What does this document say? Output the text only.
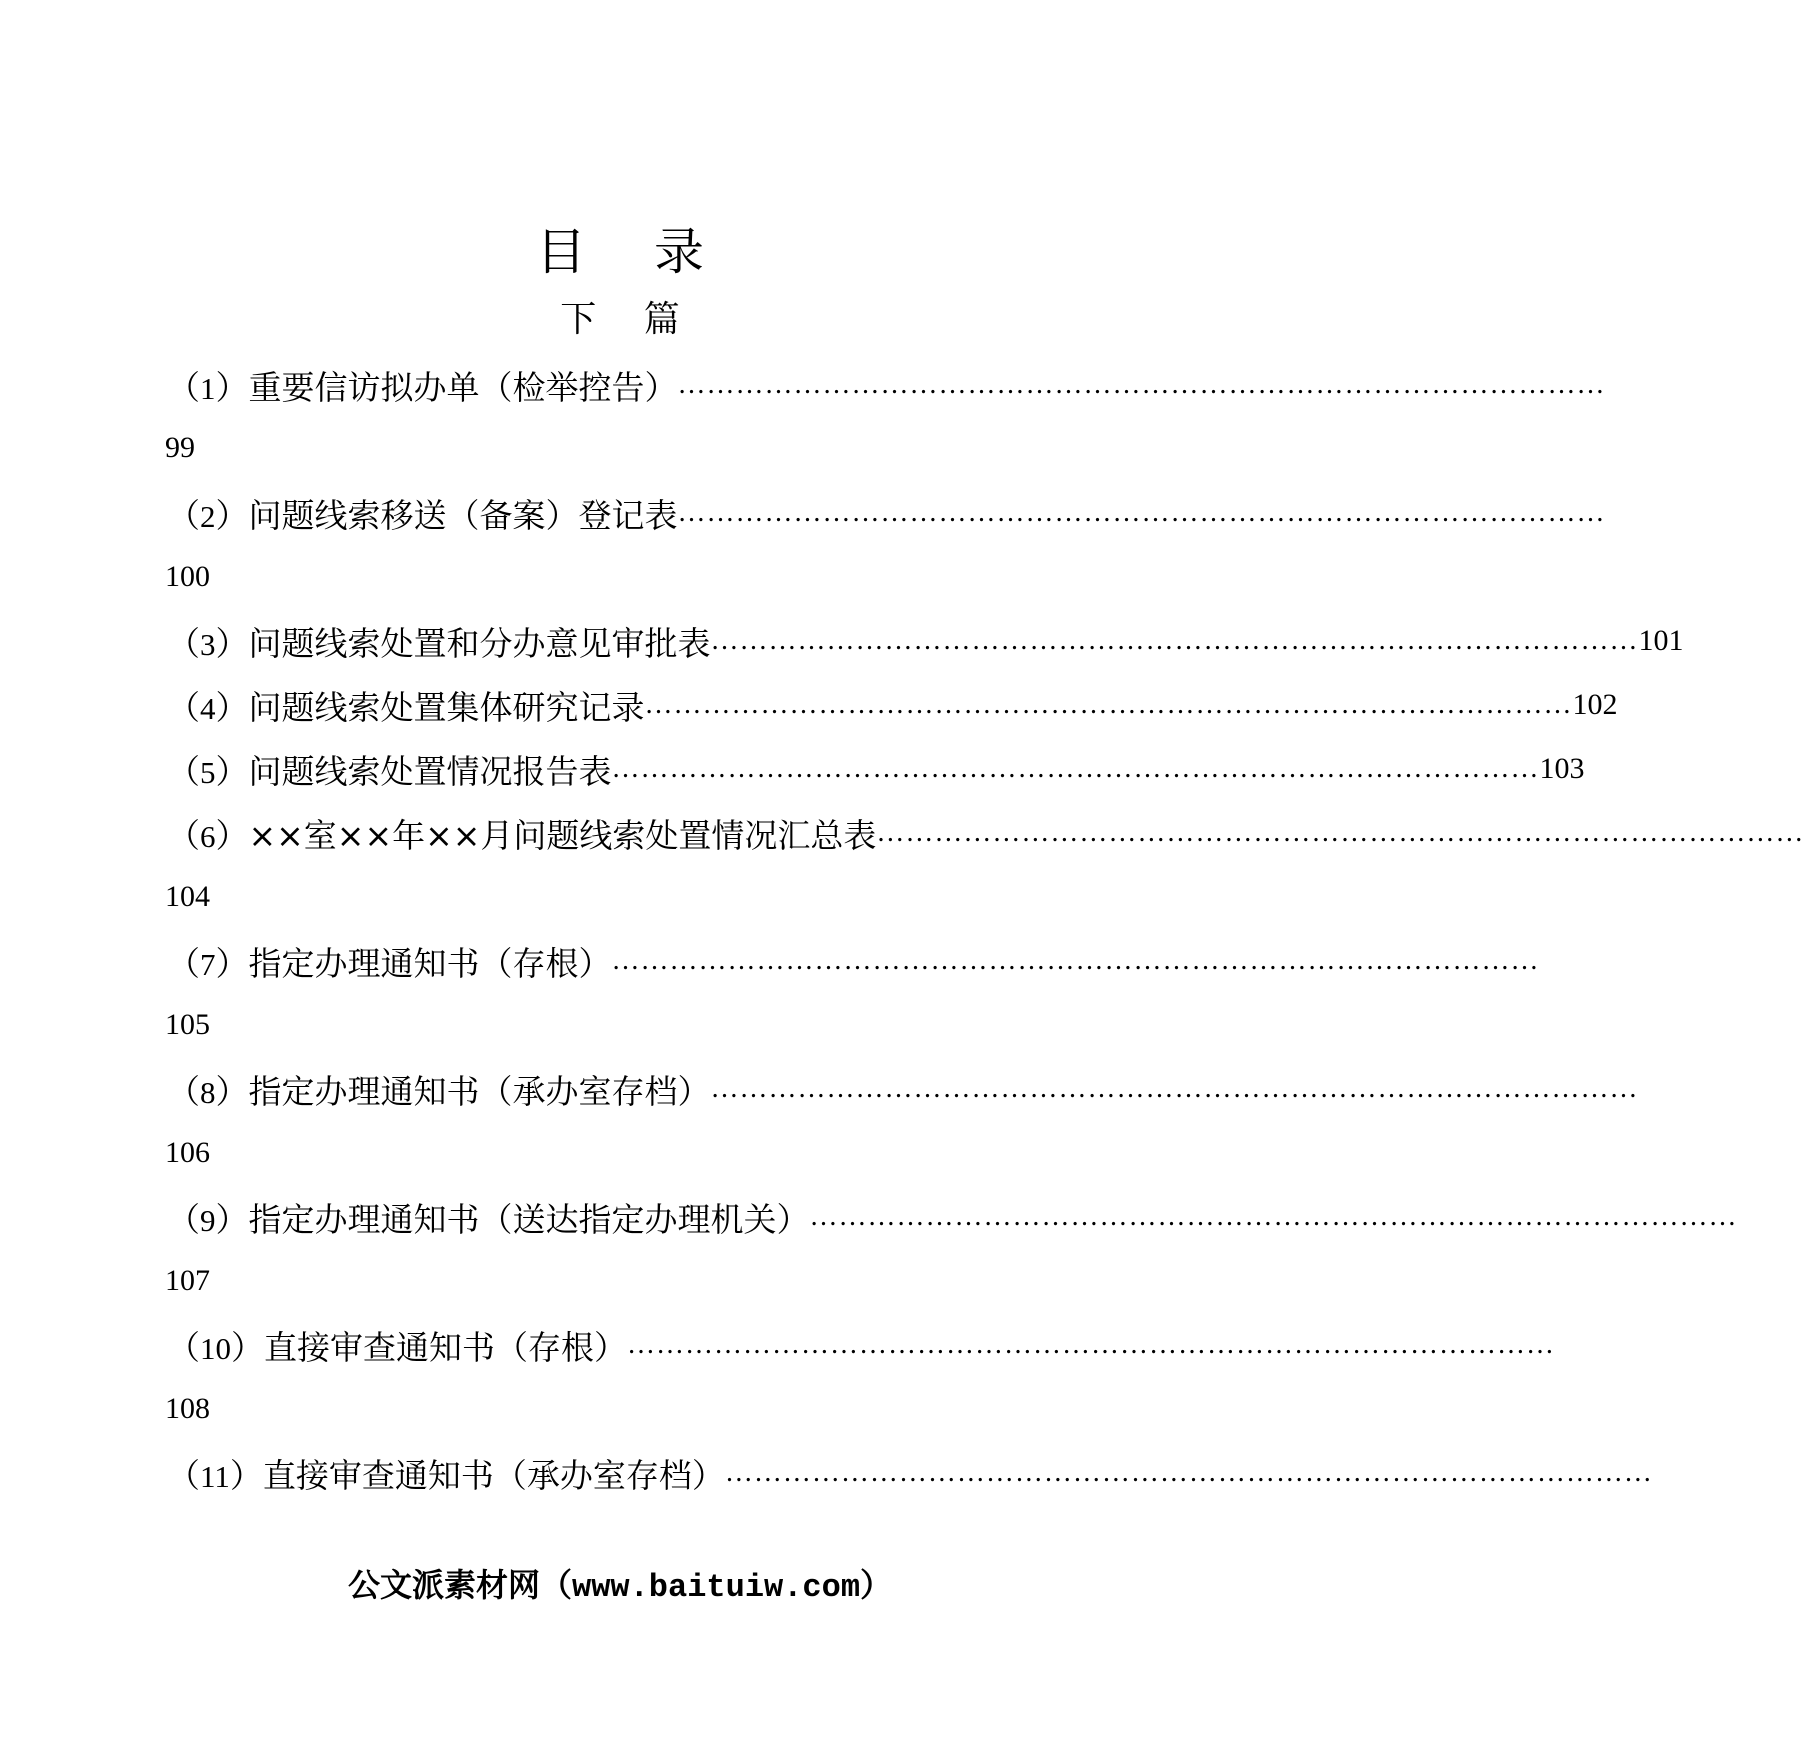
目 录
下 篇
（1）重要信访拟办单（检举控告） ……………………………………………………………………………………
99
（2）问题线索移送（备案）登记表 ……………………………………………………………………………………
100
（3）问题线索处置和分办意见审批表 …………………………………………………………………………………… 101
（4）问题线索处置集体研究记录 …………………………………………………………………………………… 102
（5）问题线索处置情况报告表 …………………………………………………………………………………… 103
（6）××室××年××月问题线索处置情况汇总表 ……………………………………………………………………………………
104
（7）指定办理通知书（存根） ……………………………………………………………………………………
105
（8）指定办理通知书（承办室存档） ……………………………………………………………………………………
106
（9）指定办理通知书（送达指定办理机关） ……………………………………………………………………………………
107
（10）直接审查通知书（存根） ……………………………………………………………………………………
108
（11）直接审查通知书（承办室存档） ……………………………………………………………………………………
公文派素材网（www.baituiw.com）
